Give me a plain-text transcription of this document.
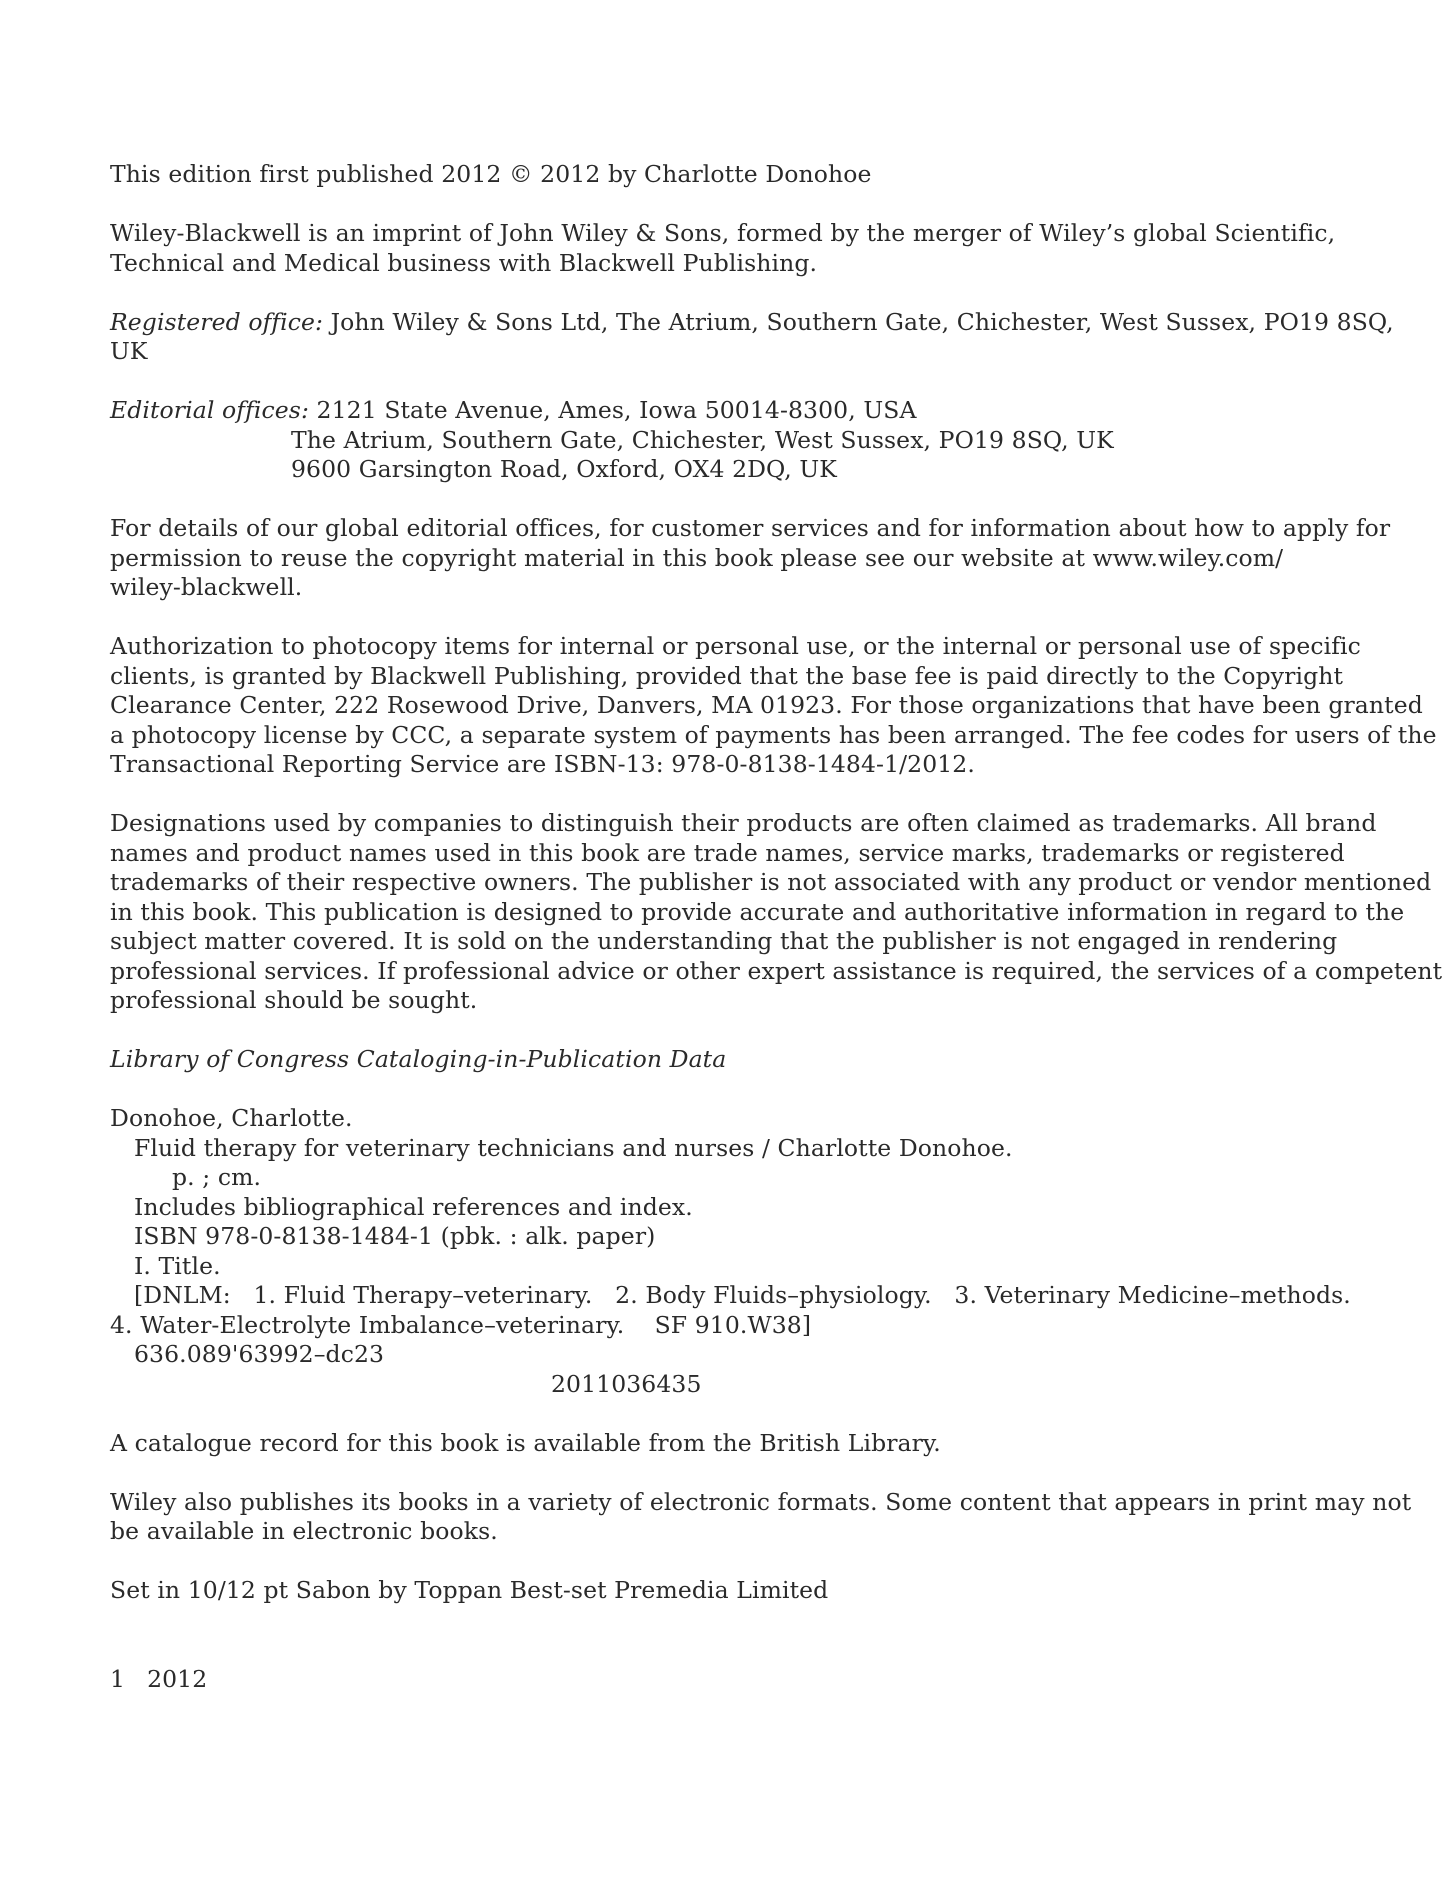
This edition first published 2012 © 2012 by Charlotte Donohoe

Wiley-Blackwell is an imprint of John Wiley & Sons, formed by the merger of Wiley’s global Scientific,
Technical and Medical business with Blackwell Publishing.

Registered office: John Wiley & Sons Ltd, The Atrium, Southern Gate, Chichester, West Sussex, PO19 8SQ,
UK

Editorial offices: 2121 State Avenue, Ames, Iowa 50014-8300, USA
The Atrium, Southern Gate, Chichester, West Sussex, PO19 8SQ, UK
9600 Garsington Road, Oxford, OX4 2DQ, UK

For details of our global editorial offices, for customer services and for information about how to apply for
permission to reuse the copyright material in this book please see our website at www.wiley.com/
wiley-blackwell.

Authorization to photocopy items for internal or personal use, or the internal or personal use of specific
clients, is granted by Blackwell Publishing, provided that the base fee is paid directly to the Copyright
Clearance Center, 222 Rosewood Drive, Danvers, MA 01923. For those organizations that have been granted
a photocopy license by CCC, a separate system of payments has been arranged. The fee codes for users of the
Transactional Reporting Service are ISBN-13: 978-0-8138-1484-1/2012.

Designations used by companies to distinguish their products are often claimed as trademarks. All brand
names and product names used in this book are trade names, service marks, trademarks or registered
trademarks of their respective owners. The publisher is not associated with any product or vendor mentioned
in this book. This publication is designed to provide accurate and authoritative information in regard to the
subject matter covered. It is sold on the understanding that the publisher is not engaged in rendering
professional services. If professional advice or other expert assistance is required, the services of a competent
professional should be sought.

Library of Congress Cataloging-in-Publication Data

Donohoe, Charlotte.
Fluid therapy for veterinary technicians and nurses / Charlotte Donohoe.
p. ; cm.
Includes bibliographical references and index.
ISBN 978-0-8138-1484-1 (pbk. : alk. paper)
I. Title.
[DNLM:   1. Fluid Therapy–veterinary.   2. Body Fluids–physiology.   3. Veterinary Medicine–methods.
4. Water-Electrolyte Imbalance–veterinary.    SF 910.W38]
636.089'63992–dc23
2011036435

A catalogue record for this book is available from the British Library.

Wiley also publishes its books in a variety of electronic formats. Some content that appears in print may not
be available in electronic books.

Set in 10/12 pt Sabon by Toppan Best-set Premedia Limited

1 2012
